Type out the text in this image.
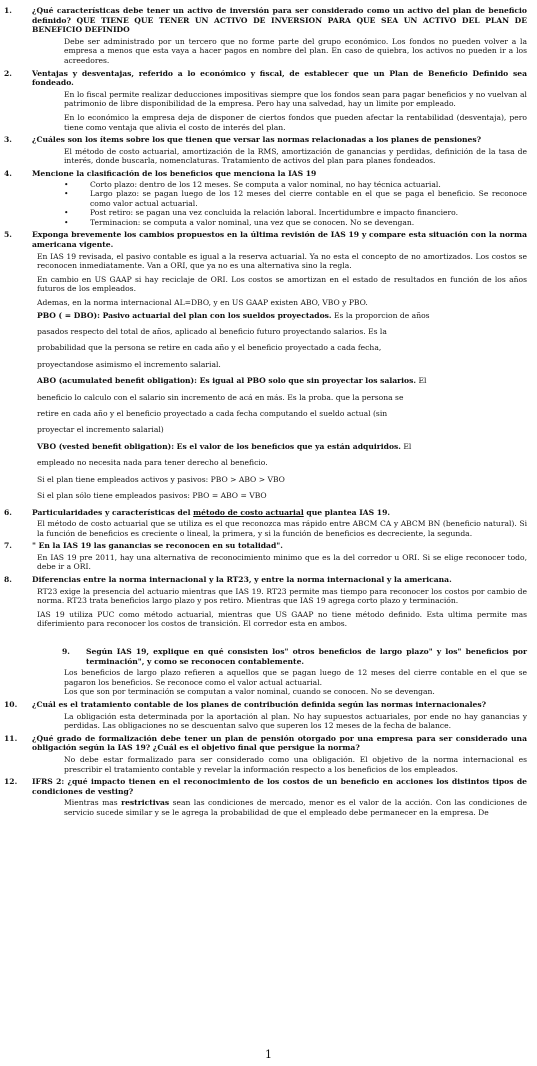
1.	¿Qué características debe tener un activo de inversión para ser considerado como un activo del plan de beneficio definido? QUE TIENE QUE TENER UN ACTIVO DE INVERSION PARA QUE SEA UN ACTIVO DEL PLAN DE BENEFICIO DEFINIDO
Debe ser administrado por un tercero que no forme parte del grupo económico. Los fondos no pueden volver a la empresa a menos que esta vaya a hacer pagos en nombre del plan. En caso de quiebra, los activos no pueden ir a los acreedores.
2.	Ventajas y desventajas, referido a lo económico y fiscal, de establecer que un Plan de Beneficio Definido sea fondeado.

En lo fiscal permite realizar deducciones impositivas siempre que los fondos sean para pagar beneficios y no vuelvan al patrimonio de libre disponibilidad de la empresa. Pero hay una salvedad, hay un limite por empleado.

En lo económico la empresa deja de disponer de ciertos fondos que pueden afectar la rentabilidad (desventaja), pero tiene como ventaja que alivia el costo de interés del plan.

3.	¿Cuáles son los ítems sobre los que tienen que versar las normas relacionadas a los planes de pensiones?
El método de costo actuarial, amortización de la RMS, amortización de ganancias y perdidas, definición de la tasa de interés, donde buscarla, nomenclaturas. Tratamiento de activos del plan para planes fondeados.
4.	Mencione la clasificación de los beneficios que menciona la IAS 19
• Corto plazo: dentro de los 12 meses. Se computa a valor nominal, no hay técnica actuarial.
• Largo plazo: se pagan luego de los 12 meses del cierre contable en el que se paga el beneficio. Se reconoce como valor actual actuarial.
• Post retiro: se pagan una vez concluida la relación laboral. Incertidumbre e impacto financiero.
• Terminacion: se computa a valor nominal, una vez que se conocen. No se devengan.
5.	Exponga brevemente los cambios propuestos en la última revisión de IAS 19 y compare esta situación con la norma americana vigente.

En IAS 19 revisada, el pasivo contable es igual a la reserva actuarial. Ya no esta el concepto de no amortizados. Los costos se reconocen inmediatamente. Van a ORI, que ya no es una alternativa sino la regla.

En cambio en US GAAP si hay reciclaje de ORI. Los costos se amortizan en el estado de resultados en función de los años futuros de los empleados.

Ademas, en la norma internacional AL=DBO, y en US GAAP existen ABO, VBO y PBO.

PBO ( = DBO): Pasivo actuarial del plan con los sueldos proyectados. Es la proporcion de años

pasados respecto del total de años, aplicado al beneficio futuro proyectando salarios. Es la

probabilidad que la persona se retire en cada año y el beneficio proyectado a cada fecha,

proyectandose asimismo el incremento salarial.

ABO (acumulated benefit obligation): Es igual al PBO solo que sin proyectar los salarios. El

beneficio lo calculo con el salario sin incremento de acá en más. Es la proba. que la persona se

retire en cada año y el beneficio proyectado a cada fecha computando el sueldo actual (sin

proyectar el incremento salarial)

VBO (vested benefit obligation): Es el valor de los beneficios que ya están adquiridos. El

empleado no necesita nada para tener derecho al beneficio.

Si el plan tiene empleados activos y pasivos: PBO > ABO > VBO

Si el plan sólo tiene empleados pasivos: PBO = ABO = VBO

6.	Particularidades y características del método de costo actuarial que plantea IAS 19.
El método de costo actuarial que se utiliza es el que reconozca mas rápido entre ABCM CA y ABCM BN (beneficio natural). Si la función de beneficios es creciente o lineal, la primera, y si la función de beneficios es decreciente, la segunda.
7.	" En la IAS 19 las ganancias se reconocen en su totalidad".
En IAS 19 pre 2011, hay una alternativa de reconocimiento minimo que es la del corredor u ORI. Si se elige reconocer todo, debe ir a ORI.
8.	Diferencias entre la norma internacional y la RT23, y entre la norma internacional y la americana.

RT23 exige la presencia del actuario mientras que IAS 19. RT23 permite mas tiempo para reconocer los costos por cambio de norma. RT23 trata beneficios largo plazo y pos retiro. Mientras que IAS 19 agrega corto plazo y terminación.

IAS 19 utiliza PUC como método actuarial, mientras que US GAAP no tiene método definido. Esta ultima permite mas diferimiento para reconocer los costos de transición. El corredor esta en ambos.

9.	Según IAS 19, explique en qué consisten los" otros beneficios de largo plazo" y los" beneficios por terminación", y como se reconocen contablemente.

Los beneficios de largo plazo refieren a aquellos que se pagan luego de 12 meses del cierre contable en el que se pagaron los beneficios. Se reconoce como el valor actual actuarial.

Los que son por terminación se computan a valor nominal, cuando se conocen. No se devengan.

10.	¿Cuál es el tratamiento contable de los planes de contribución definida según las normas internacionales?
La obligación esta determinada por la aportación al plan. No hay supuestos actuariales, por ende no hay ganancias y perdidas. Las obligaciones no se descuentan salvo que superen los 12 meses de la fecha de balance.
11.	¿Qué grado de formalización debe tener un plan de pensión otorgado por una empresa para ser considerado una obligación según la IAS 19? ¿Cuál es el objetivo final que persigue la norma?
No debe estar formalizado para ser considerado como una obligación. El objetivo de la norma internacional es prescribir el tratamiento contable y revelar la información respecto a los beneficios de los empleados.
12.	IFRS 2: ¿qué impacto tienen en el reconocimiento de los costos de un beneficio en acciones los distintos tipos de condiciones de vesting?
Mientras mas restrictivas sean las condiciones de mercado, menor es el valor de la acción. Con las condiciones de servicio sucede similar y se le agrega la probabilidad de que el empleado debe permanecer en la empresa. De
1
